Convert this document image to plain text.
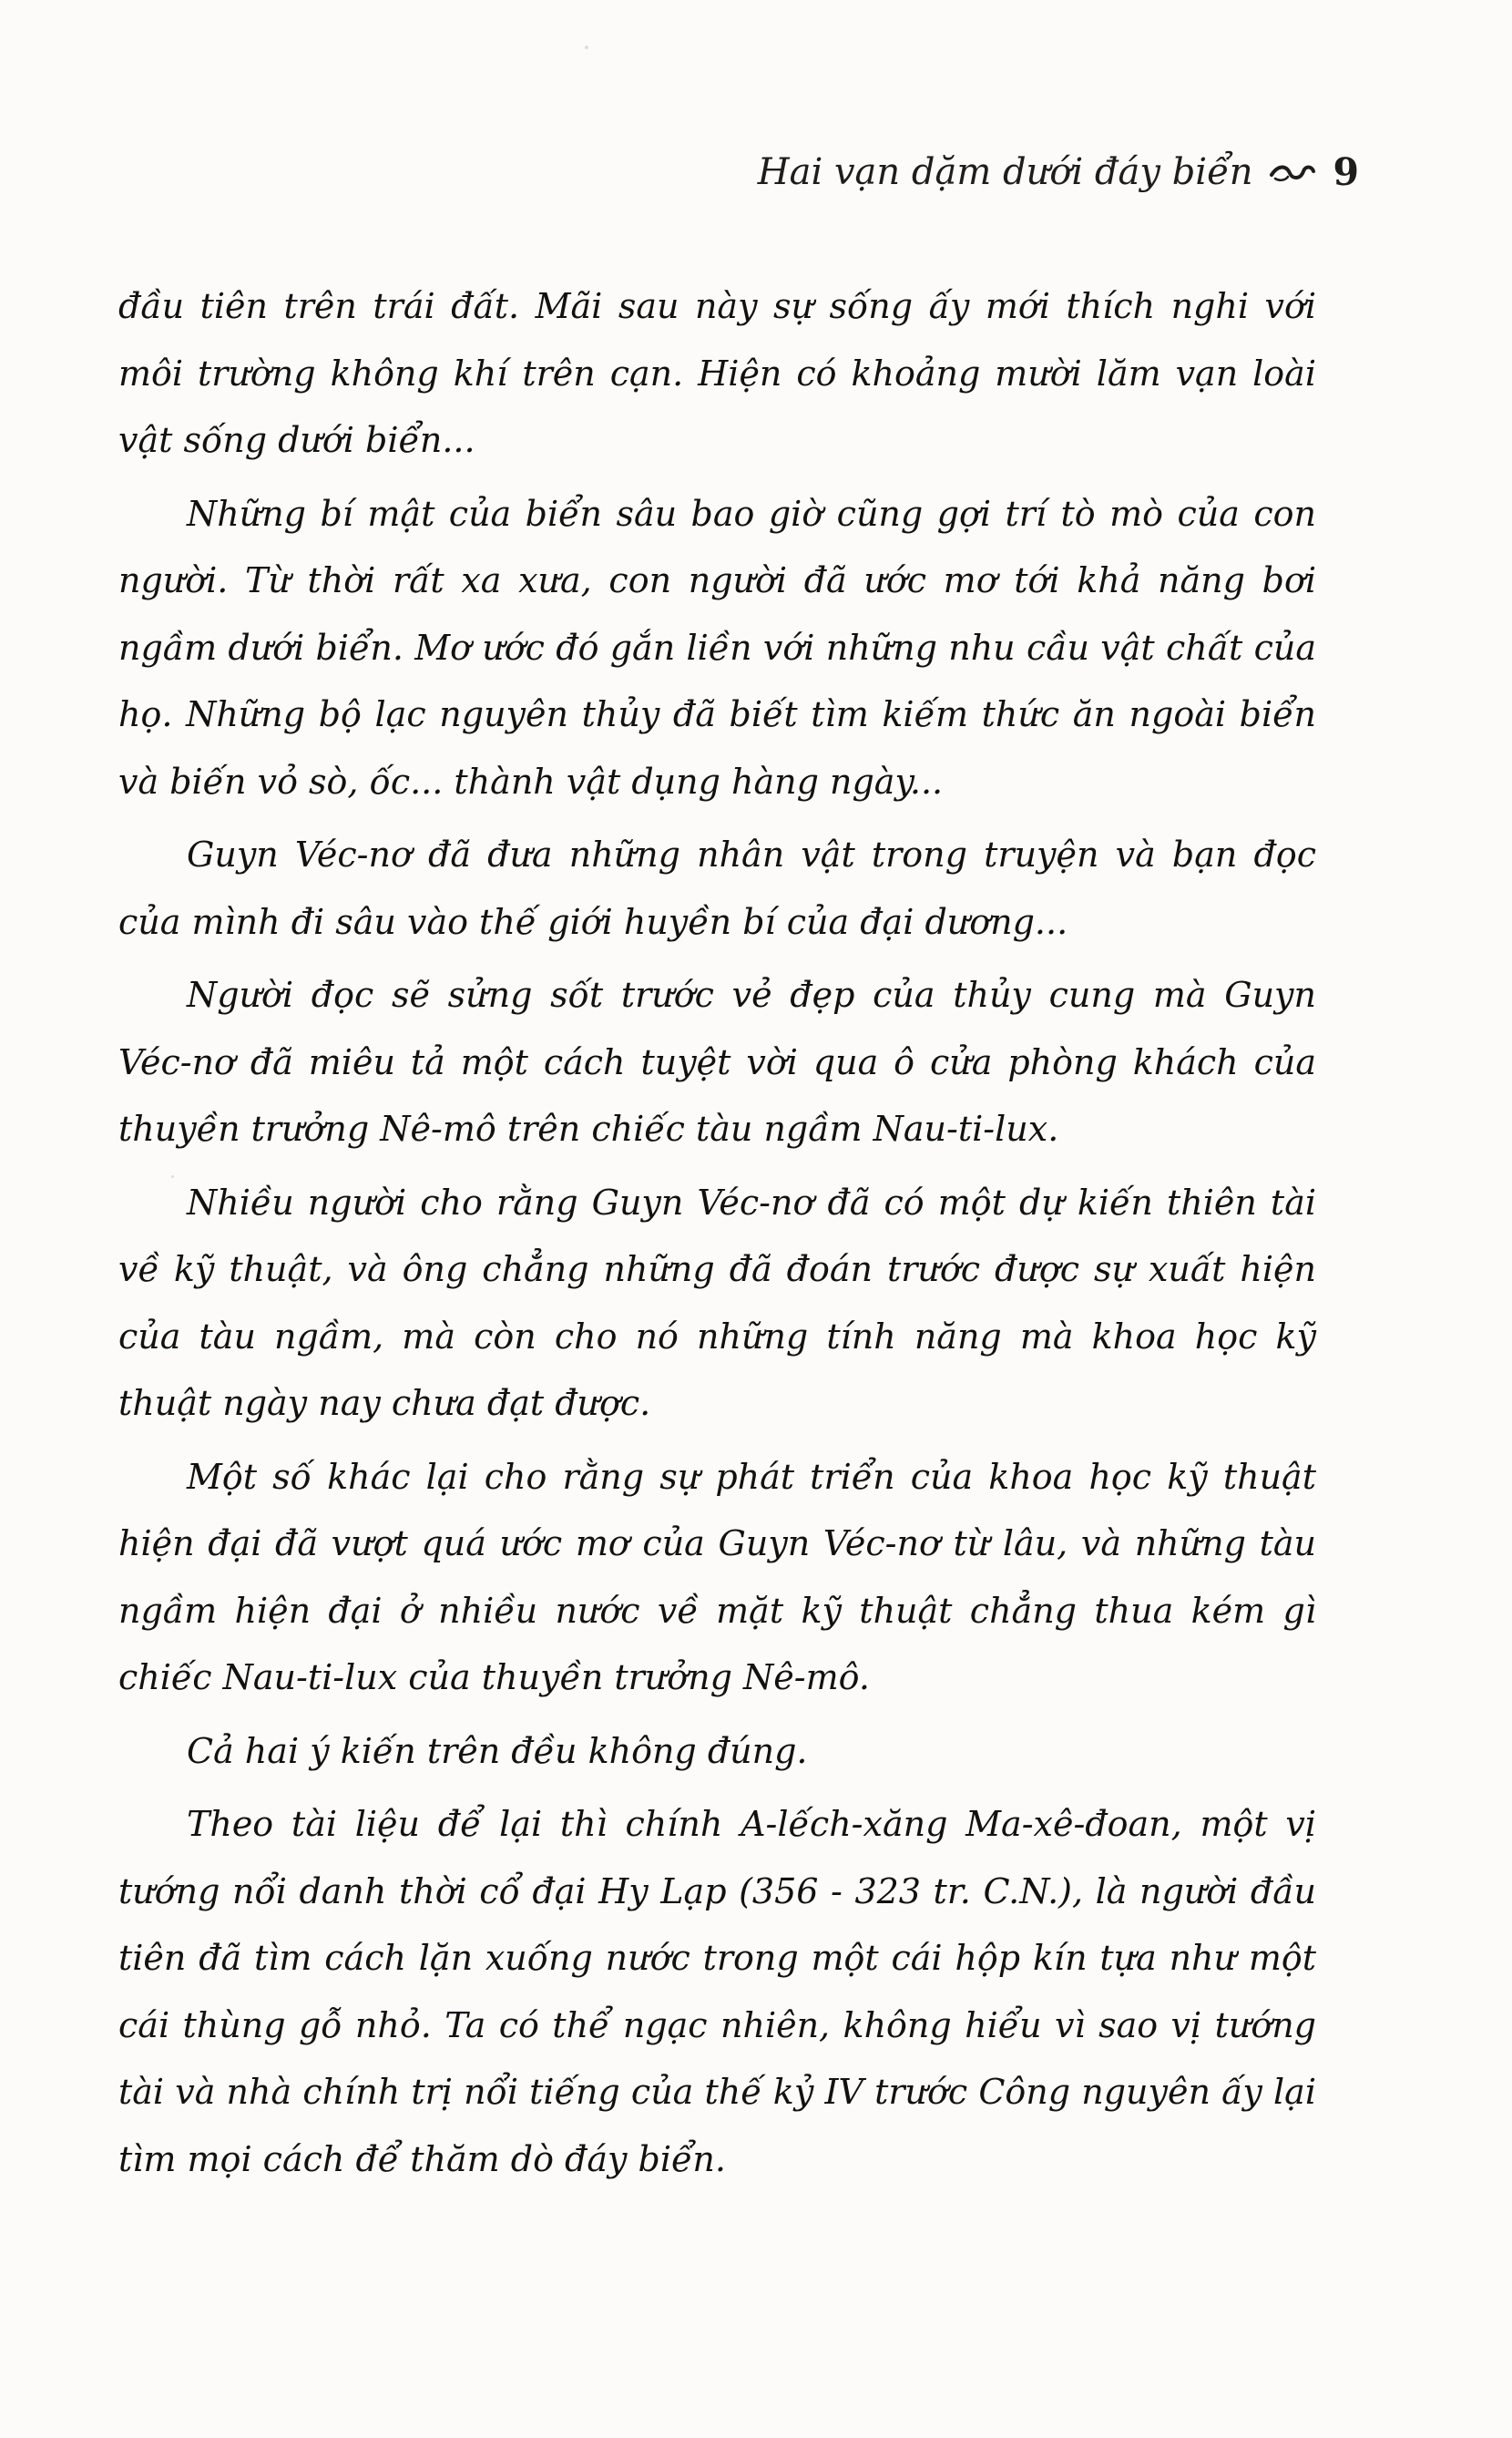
Hai vạn dặm dưới đáy biển 9

đầu tiên trên trái đất. Mãi sau này sự sống ấy mới thích nghi với môi trường không khí trên cạn. Hiện có khoảng mười lăm vạn loài vật sống dưới biển...

Những bí mật của biển sâu bao giờ cũng gợi trí tò mò của con người. Từ thời rất xa xưa, con người đã ước mơ tới khả năng bơi ngầm dưới biển. Mơ ước đó gắn liền với những nhu cầu vật chất của họ. Những bộ lạc nguyên thủy đã biết tìm kiếm thức ăn ngoài biển và biến vỏ sò, ốc... thành vật dụng hàng ngày...

Guyn Véc-nơ đã đưa những nhân vật trong truyện và bạn đọc của mình đi sâu vào thế giới huyền bí của đại dương...

Người đọc sẽ sửng sốt trước vẻ đẹp của thủy cung mà Guyn Véc-nơ đã miêu tả một cách tuyệt vời qua ô cửa phòng khách của thuyền trưởng Nê-mô trên chiếc tàu ngầm Nau-ti-lux.

Nhiều người cho rằng Guyn Véc-nơ đã có một dự kiến thiên tài về kỹ thuật, và ông chẳng những đã đoán trước được sự xuất hiện của tàu ngầm, mà còn cho nó những tính năng mà khoa học kỹ thuật ngày nay chưa đạt được.

Một số khác lại cho rằng sự phát triển của khoa học kỹ thuật hiện đại đã vượt quá ước mơ của Guyn Véc-nơ từ lâu, và những tàu ngầm hiện đại ở nhiều nước về mặt kỹ thuật chẳng thua kém gì chiếc Nau-ti-lux của thuyền trưởng Nê-mô.

Cả hai ý kiến trên đều không đúng.

Theo tài liệu để lại thì chính A-lếch-xăng Ma-xê-đoan, một vị tướng nổi danh thời cổ đại Hy Lạp (356 - 323 tr. C.N.), là người đầu tiên đã tìm cách lặn xuống nước trong một cái hộp kín tựa như một cái thùng gỗ nhỏ. Ta có thể ngạc nhiên, không hiểu vì sao vị tướng tài và nhà chính trị nổi tiếng của thế kỷ IV trước Công nguyên ấy lại tìm mọi cách để thăm dò đáy biển.
